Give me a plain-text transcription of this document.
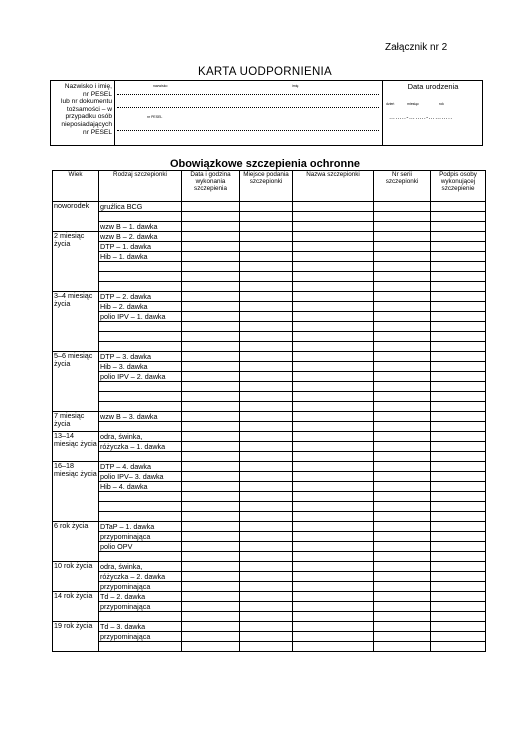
Załącznik nr 2
KARTA UODPORNIENIA
Nazwisko i imię,
nr PESEL
lub nr dokumentu
tożsamości – w
przypadku osób
nieposiadających
nr PESEL
nazwisko	imię
nr PESEL
Data urodzenia
dzień	miesiąc	rok
……..-……..-………..
Obowiązkowe szczepienia ochronne
Wiek	Rodzaj szczepionki	Data i godzina wykonania szczepienia	Miejsce podania szczepionki	Nazwa szczepionki	Nr serii szczepionki	Podpis osoby wykonującej szczepienie
noworodek	gruźlica BCG					

	wzw B – 1. dawka					
2 miesiąc życia	wzw B – 2. dawka					
	DTP – 1. dawka					
	Hib – 1. dawka					

3–4 miesiąc życia	DTP – 2. dawka					
	Hib – 2. dawka					
	polio IPV – 1. dawka					

5–6 miesiąc życia	DTP – 3. dawka					
	Hib – 3. dawka					
	polio IPV – 2. dawka					

7 miesiąc życia	wzw B – 3. dawka					

13–14 miesiąc życia	odra, świnka,					
	różyczka – 1. dawka					

16–18 miesiąc życia	DTP – 4. dawka					
	polio IPV– 3. dawka					
	Hib – 4. dawka					

6 rok życia	DTaP – 1. dawka					
	przypominająca					
	polio OPV					

10 rok życia	odra, świnka,					
	różyczka – 2. dawka					
	przypominająca					
14 rok życia	Td – 2. dawka					
	przypominająca					

19 rok życia	Td – 3. dawka					
	przypominająca					
